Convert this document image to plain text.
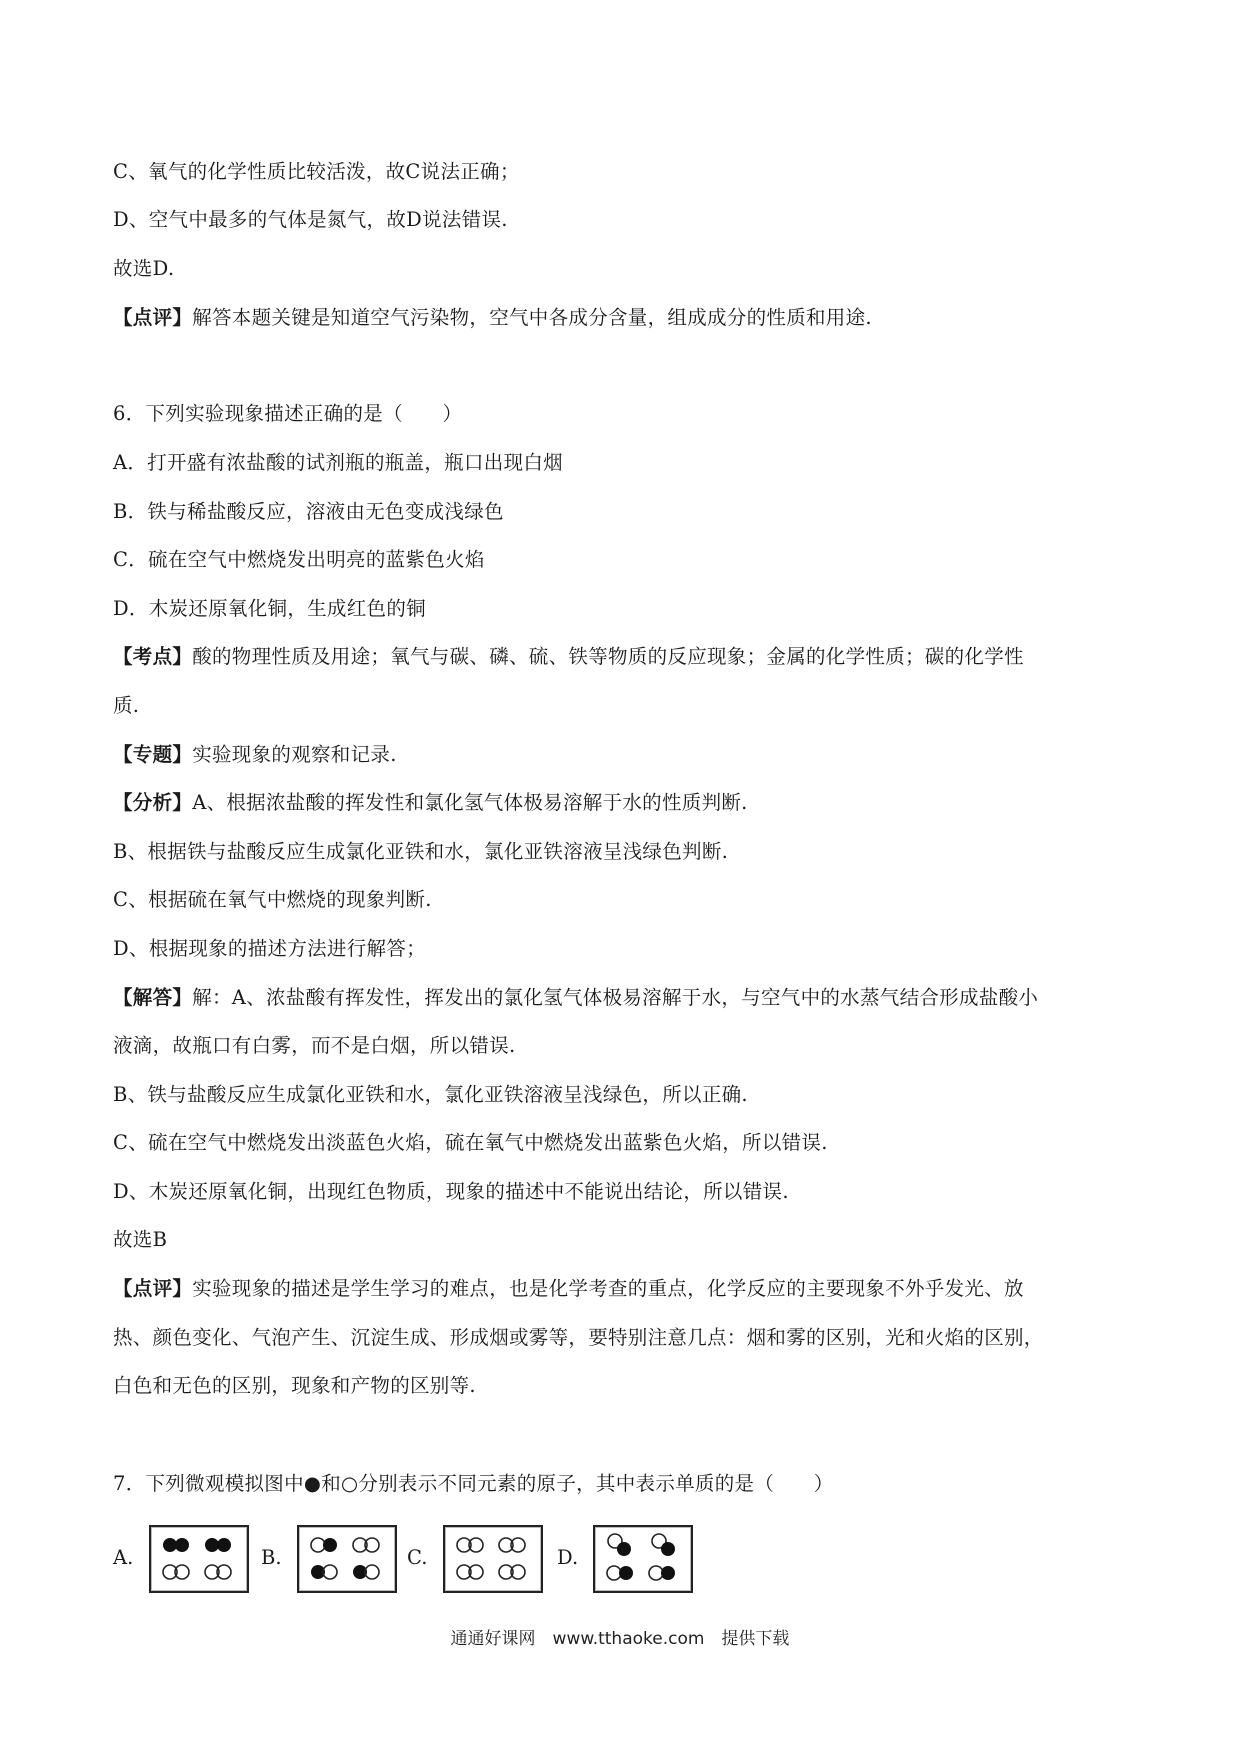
C、氧气的化学性质比较活泼，故C说法正确；
D、空气中最多的气体是氮气，故D说法错误.
故选D.
【点评】解答本题关键是知道空气污染物，空气中各成分含量，组成成分的性质和用途.
6．下列实验现象描述正确的是（　　）
A．打开盛有浓盐酸的试剂瓶的瓶盖，瓶口出现白烟
B．铁与稀盐酸反应，溶液由无色变成浅绿色
C．硫在空气中燃烧发出明亮的蓝紫色火焰
D．木炭还原氧化铜，生成红色的铜
【考点】酸的物理性质及用途；氧气与碳、磷、硫、铁等物质的反应现象；金属的化学性质；碳的化学性
质.
【专题】实验现象的观察和记录.
【分析】A、根据浓盐酸的挥发性和氯化氢气体极易溶解于水的性质判断.
B、根据铁与盐酸反应生成氯化亚铁和水，氯化亚铁溶液呈浅绿色判断.
C、根据硫在氧气中燃烧的现象判断.
D、根据现象的描述方法进行解答；
【解答】解：A、浓盐酸有挥发性，挥发出的氯化氢气体极易溶解于水，与空气中的水蒸气结合形成盐酸小
液滴，故瓶口有白雾，而不是白烟，所以错误.
B、铁与盐酸反应生成氯化亚铁和水，氯化亚铁溶液呈浅绿色，所以正确.
C、硫在空气中燃烧发出淡蓝色火焰，硫在氧气中燃烧发出蓝紫色火焰，所以错误.
D、木炭还原氧化铜，出现红色物质，现象的描述中不能说出结论，所以错误.
故选B
【点评】实验现象的描述是学生学习的难点，也是化学考查的重点，化学反应的主要现象不外乎发光、放
热、颜色变化、气泡产生、沉淀生成、形成烟或雾等，要特别注意几点：烟和雾的区别，光和火焰的区别，
白色和无色的区别，现象和产物的区别等.
7．下列微观模拟图中●和○分别表示不同元素的原子，其中表示单质的是（　　）
A.	B.	C.	D.
通通好课网　www.tthaoke.com　提供下载
